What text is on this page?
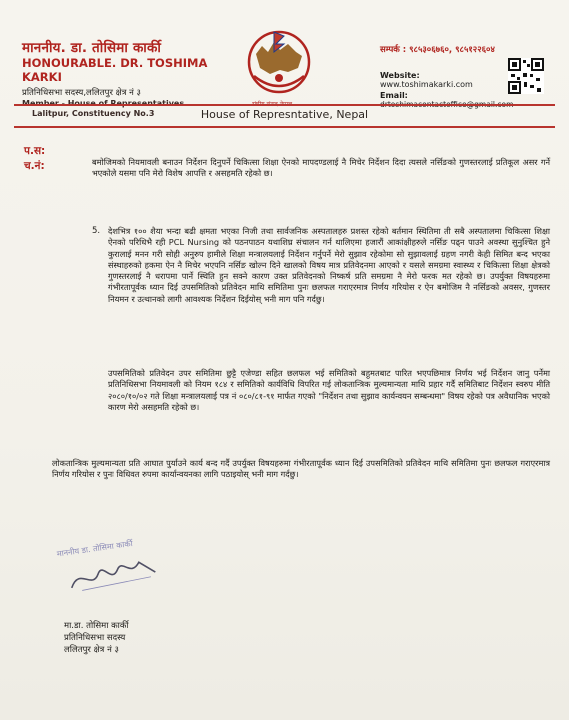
माननीय. डा. तोसिमा कार्की
HONOURABLE. DR. TOSHIMA KARKI
प्रतिनिधिसभा सदस्य,ललितपुर क्षेत्र नं ३
Lalitpur, Constituency No.3
सम्पर्क : ९८५३०६७६०, ९८५१२२६०४
Website:
www.toshimakarki.com
Email:
House of Represntative, Nepal
प.स:
च.नं:	बमोजिमको नियमावली बनाउन निर्देशन दिनुपर्ने चिकित्सा शिक्षा ऐनको मापदण्डलाई नै मिचेर निर्देशन दिदा त्यसले नर्सिङको गुणस्तरलाई प्रतिकूल असर गर्ने भएकोले यसमा पनि मेरो विशेष आपत्ति र असहमति रहेको छ।
5. देशभित्र १०० शैया भन्दा बढी क्षमता भएका निजी तथा सार्वजनिक अस्पतालहरु प्रशस्त रहेको बर्तमान स्थितिमा ती सबै अस्पतालमा चिकित्सा शिक्षा ऐनको परिधिभै रही PCL Nursing को पठनपाठन यथाशिघ्र संचालन गर्न थालिएमा हजारौं आकांक्षीहरुले नर्सिङ पढ्न पाउने अवस्था सुनुश्चित हुने कुरालाई मनन गरी सोही अनुरुप हामीले शिक्षा मन्त्रालयलाई निर्देशन गर्नुपर्ने मेरो सुझाव रहेकोमा सो सुझावलाई ग्रहण नगरी केही सिमित बन्द भएका संस्थाहरुको हकमा ऐन नै मिचेर भएपनि नर्सिङ खोल्न दिने खालको विषय मात्र प्रतिवेदनमा आएको र यसले समग्रमा स्वास्थ्य र चिकित्सा शिक्षा क्षेत्रको गुणस्तरलाई नै धरापमा पार्ने स्थिति हुन सक्ने कारण उक्त प्रतिवेदनको निष्कर्ष प्रति समग्रमा नै मेरो फरक मत रहेको छ। उपर्युक्त विषयहरुमा गंभीरतापूर्वक ध्यान दिई उपसमितिको प्रतिवेदन माथि समितिमा पुनः छलफल गराएरमात्र निर्णय गरियोस र ऐन बमोजिम नै नर्सिङको अवसर, गुणस्तर नियमन र उत्थानको लागी आवश्यक निर्देशन दिईयोस् भनी माग पनि गर्दछु।
उपसमितिको प्रतिवेदन उपर समितिमा छुट्टै एजेण्डा सहित छलफल भई समितिको बहुमतबाट पारित भएपछिमात्र निर्णय भई निर्देशन जानु पर्नेमा प्रतिनिधिसभा नियमावली को नियम १८४ र समितिको कार्यविधि विपरित गई लोकतान्त्रिक मुल्यमान्यता माथि प्रहार गर्दै समितिबाट निर्देशन स्वरुप मीति २०८०/१०/०२ गते शिक्षा मन्त्रालयलाई पत्र नं ०८०/८१-९१ मार्फत गएको "निर्देशन तथा सुझाव कार्यन्वयन सम्बन्धमा" विषय रहेको पत्र अवैधानिक भएको कारण मेरो असहमति रहेको छ।
लोकतान्त्रिक मुल्यमान्यता प्रति आघात पुर्याउने कार्य बन्द गर्दै उपर्युक्त विषयहरुमा गंभीरतापूर्वक ध्यान दिई उपसमितिको प्रतिवेदन माथि समितिमा पुनः छलफल गराएरमात्र निर्णय गरियोस र पुनः विधिवत रुपमा कार्यान्वयनका लागि पठाइयोस् भनी माग गर्दछु।
माननीय डा. तोसिमा कार्की
मा.डा. तोसिमा कार्की
प्रतिनिधिसभा सदस्य
ललितपुर क्षेत्र नं ३
